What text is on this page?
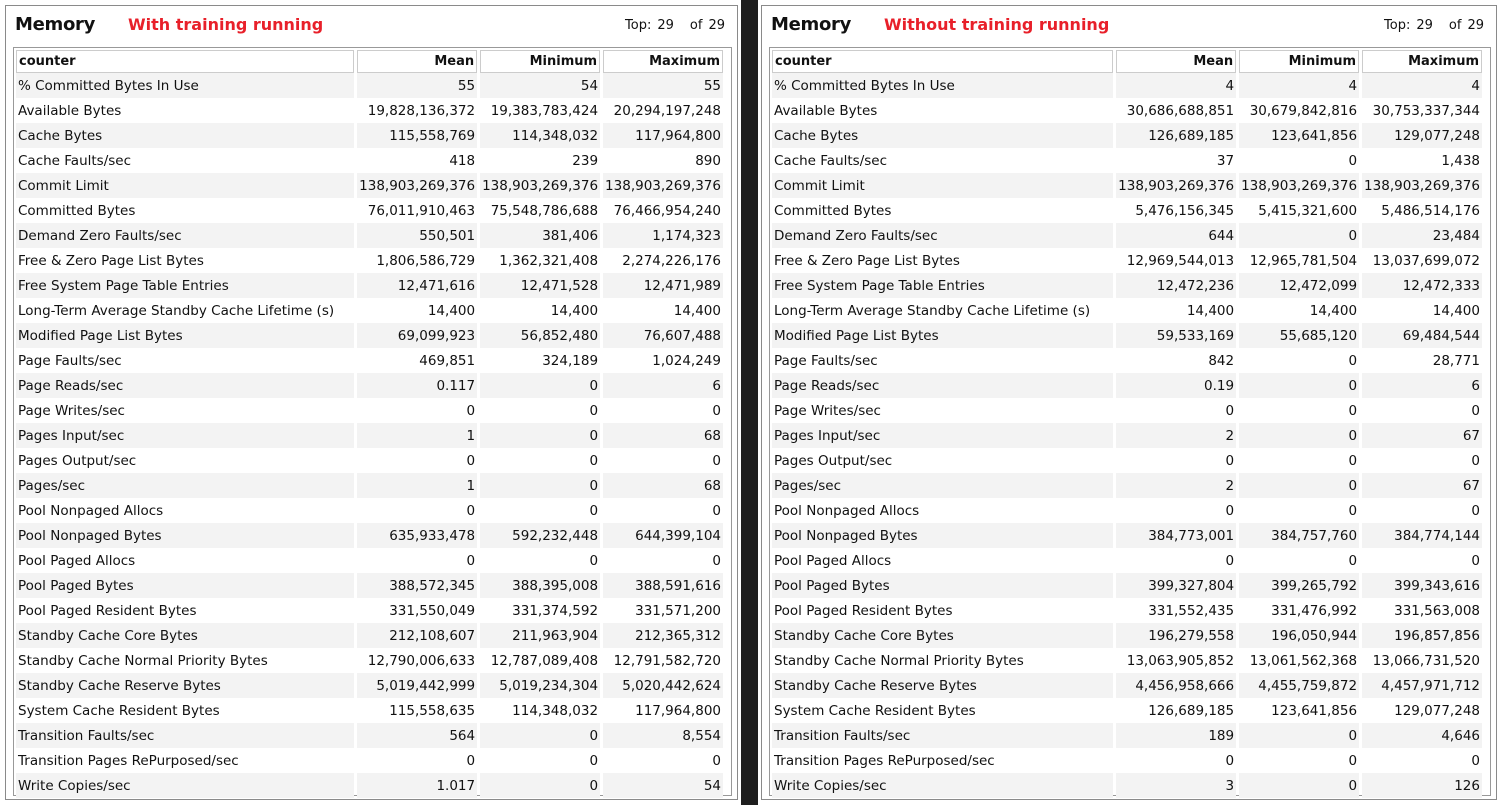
Memory With training running	Top: 29 of 29
counter	Mean	Minimum	Maximum
% Committed Bytes In Use	55	54	55
Available Bytes	19,828,136,372	19,383,783,424	20,294,197,248
Cache Bytes	115,558,769	114,348,032	117,964,800
Cache Faults/sec	418	239	890
Commit Limit	138,903,269,376	138,903,269,376	138,903,269,376
Committed Bytes	76,011,910,463	75,548,786,688	76,466,954,240
Demand Zero Faults/sec	550,501	381,406	1,174,323
Free & Zero Page List Bytes	1,806,586,729	1,362,321,408	2,274,226,176
Free System Page Table Entries	12,471,616	12,471,528	12,471,989
Long-Term Average Standby Cache Lifetime (s)	14,400	14,400	14,400
Modified Page List Bytes	69,099,923	56,852,480	76,607,488
Page Faults/sec	469,851	324,189	1,024,249
Page Reads/sec	0.117	0	6
Page Writes/sec	0	0	0
Pages Input/sec	1	0	68
Pages Output/sec	0	0	0
Pages/sec	1	0	68
Pool Nonpaged Allocs	0	0	0
Pool Nonpaged Bytes	635,933,478	592,232,448	644,399,104
Pool Paged Allocs	0	0	0
Pool Paged Bytes	388,572,345	388,395,008	388,591,616
Pool Paged Resident Bytes	331,550,049	331,374,592	331,571,200
Standby Cache Core Bytes	212,108,607	211,963,904	212,365,312
Standby Cache Normal Priority Bytes	12,790,006,633	12,787,089,408	12,791,582,720
Standby Cache Reserve Bytes	5,019,442,999	5,019,234,304	5,020,442,624
System Cache Resident Bytes	115,558,635	114,348,032	117,964,800
Transition Faults/sec	564	0	8,554
Transition Pages RePurposed/sec	0	0	0
Write Copies/sec	1.017	0	54
Memory Without training running	Top: 29 of 29
counter	Mean	Minimum	Maximum
% Committed Bytes In Use	4	4	4
Available Bytes	30,686,688,851	30,679,842,816	30,753,337,344
Cache Bytes	126,689,185	123,641,856	129,077,248
Cache Faults/sec	37	0	1,438
Commit Limit	138,903,269,376	138,903,269,376	138,903,269,376
Committed Bytes	5,476,156,345	5,415,321,600	5,486,514,176
Demand Zero Faults/sec	644	0	23,484
Free & Zero Page List Bytes	12,969,544,013	12,965,781,504	13,037,699,072
Free System Page Table Entries	12,472,236	12,472,099	12,472,333
Long-Term Average Standby Cache Lifetime (s)	14,400	14,400	14,400
Modified Page List Bytes	59,533,169	55,685,120	69,484,544
Page Faults/sec	842	0	28,771
Page Reads/sec	0.19	0	6
Page Writes/sec	0	0	0
Pages Input/sec	2	0	67
Pages Output/sec	0	0	0
Pages/sec	2	0	67
Pool Nonpaged Allocs	0	0	0
Pool Nonpaged Bytes	384,773,001	384,757,760	384,774,144
Pool Paged Allocs	0	0	0
Pool Paged Bytes	399,327,804	399,265,792	399,343,616
Pool Paged Resident Bytes	331,552,435	331,476,992	331,563,008
Standby Cache Core Bytes	196,279,558	196,050,944	196,857,856
Standby Cache Normal Priority Bytes	13,063,905,852	13,061,562,368	13,066,731,520
Standby Cache Reserve Bytes	4,456,958,666	4,455,759,872	4,457,971,712
System Cache Resident Bytes	126,689,185	123,641,856	129,077,248
Transition Faults/sec	189	0	4,646
Transition Pages RePurposed/sec	0	0	0
Write Copies/sec	3	0	126
